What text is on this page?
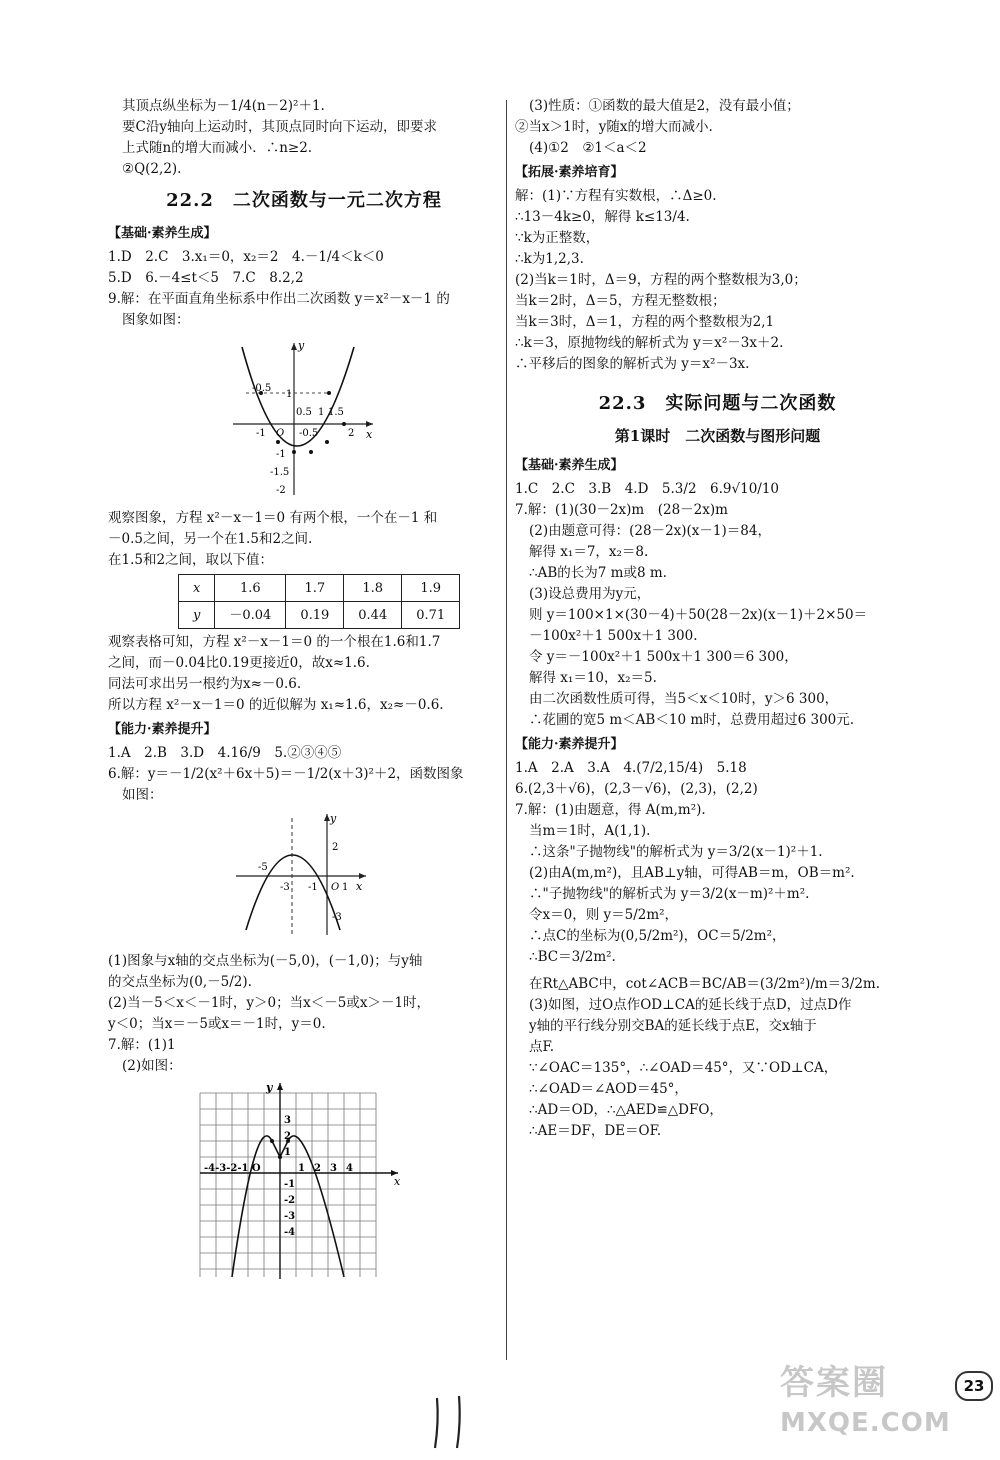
其顶点纵坐标为－1/4(n－2)²＋1.

要C沿y轴向上运动时，其顶点同时向下运动，即要求

上式随n的增大而减小．∴n≥2.

②Q(2,2).

22.2　二次函数与一元二次方程

【基础·素养生成】

1.D　2.C　3.x₁＝0，x₂＝2　4.－1/4＜k＜0

5.D　6.－4≤t＜5　7.C　8.2,2

9.解：在平面直角坐标系中作出二次函数 y＝x²－x－1 的

图象如图：

y
x
-0.5
0.5 1 1.5
1
-0.5
-1 O	2
-1
-1.5
-2

观察图象，方程 x²－x－1＝0 有两个根，一个在－1 和

－0.5之间，另一个在1.5和2之间.

在1.5和2之间，取以下值：

x	1.6	1.7	1.8	1.9
y	－0.04	0.19	0.44	0.71

观察表格可知，方程 x²－x－1＝0 的一个根在1.6和1.7

之间，而－0.04比0.19更接近0，故x≈1.6.

同法可求出另一根约为x≈－0.6.

所以方程 x²－x－1＝0 的近似解为 x₁≈1.6，x₂≈－0.6.

【能力·素养提升】

1.A　2.B　3.D　4.16/9　5.②③④⑤

6.解：y＝－1/2(x²＋6x＋5)＝－1/2(x＋3)²＋2，函数图象

如图：

y
x
-5
-3 -1 O 1
2
-3

(1)图象与x轴的交点坐标为(－5,0)，(－1,0)；与y轴

的交点坐标为(0,－5/2).

(2)当－5＜x＜－1时，y＞0；当x＜－5或x＞－1时，

y＜0；当x＝－5或x＝－1时，y＝0.

7.解：(1)1

(2)如图：

y
x
-4-3-2-1 O	1 2 3 4
3
2
1
-1
-2
-3
-4

(3)性质：①函数的最大值是2，没有最小值；

②当x＞1时，y随x的增大而减小.

(4)①2　②1＜a＜2

【拓展·素养培育】

解：(1)∵方程有实数根，∴Δ≥0.

∴13－4k≥0，解得 k≤13/4.

∵k为正整数，

∴k为1,2,3.

(2)当k＝1时，Δ＝9，方程的两个整数根为3,0；

当k＝2时，Δ＝5，方程无整数根；

当k＝3时，Δ＝1，方程的两个整数根为2,1

∴k＝3，原抛物线的解析式为 y＝x²－3x＋2.

∴平移后的图象的解析式为 y＝x²－3x.

22.3　实际问题与二次函数
第1课时　二次函数与图形问题

【基础·素养生成】

1.C　2.C　3.B　4.D　5.3/2　6.9√10/10

7.解：(1)(30－2x)m　(28－2x)m

(2)由题意可得：(28－2x)(x－1)＝84，

解得 x₁＝7，x₂＝8.

∴AB的长为7 m或8 m.

(3)设总费用为y元，

则 y＝100×1×(30－4)＋50(28－2x)(x－1)＋2×50＝

－100x²＋1 500x＋1 300.

令 y＝－100x²＋1 500x＋1 300＝6 300，

解得 x₁＝10，x₂＝5.

由二次函数性质可得，当5＜x＜10时，y＞6 300，

∴花圃的宽5 m＜AB＜10 m时，总费用超过6 300元.

【能力·素养提升】

1.A　2.A　3.A　4.(7/2,15/4)　5.18

6.(2,3＋√6)，(2,3－√6)，(2,3)，(2,2)

7.解：(1)由题意，得 A(m,m²).

当m＝1时，A(1,1).

∴这条"子抛物线"的解析式为 y＝3/2(x－1)²＋1.

(2)由A(m,m²)，且AB⊥y轴，可得AB＝m，OB＝m².

∴"子抛物线"的解析式为 y＝3/2(x－m)²＋m².

令x＝0，则 y＝5/2m²，

∴点C的坐标为(0,5/2m²)，OC＝5/2m²，

∴BC＝3/2m².

在Rt△ABC中，cot∠ACB＝BC/AB＝(3/2m²)/m＝3/2m.

(3)如图，过O点作OD⊥CA的延长线于点D，过点D作

y轴的平行线分别交BA的延长线于点E，交x轴于

点F.

∵∠OAC＝135°，∴∠OAD＝45°，又∵OD⊥CA，

∴∠OAD＝∠AOD＝45°，

∴AD＝OD，∴△AED≌△DFO，

∴AE＝DF，DE＝OF.

23
答案圈
MXQE.COM
